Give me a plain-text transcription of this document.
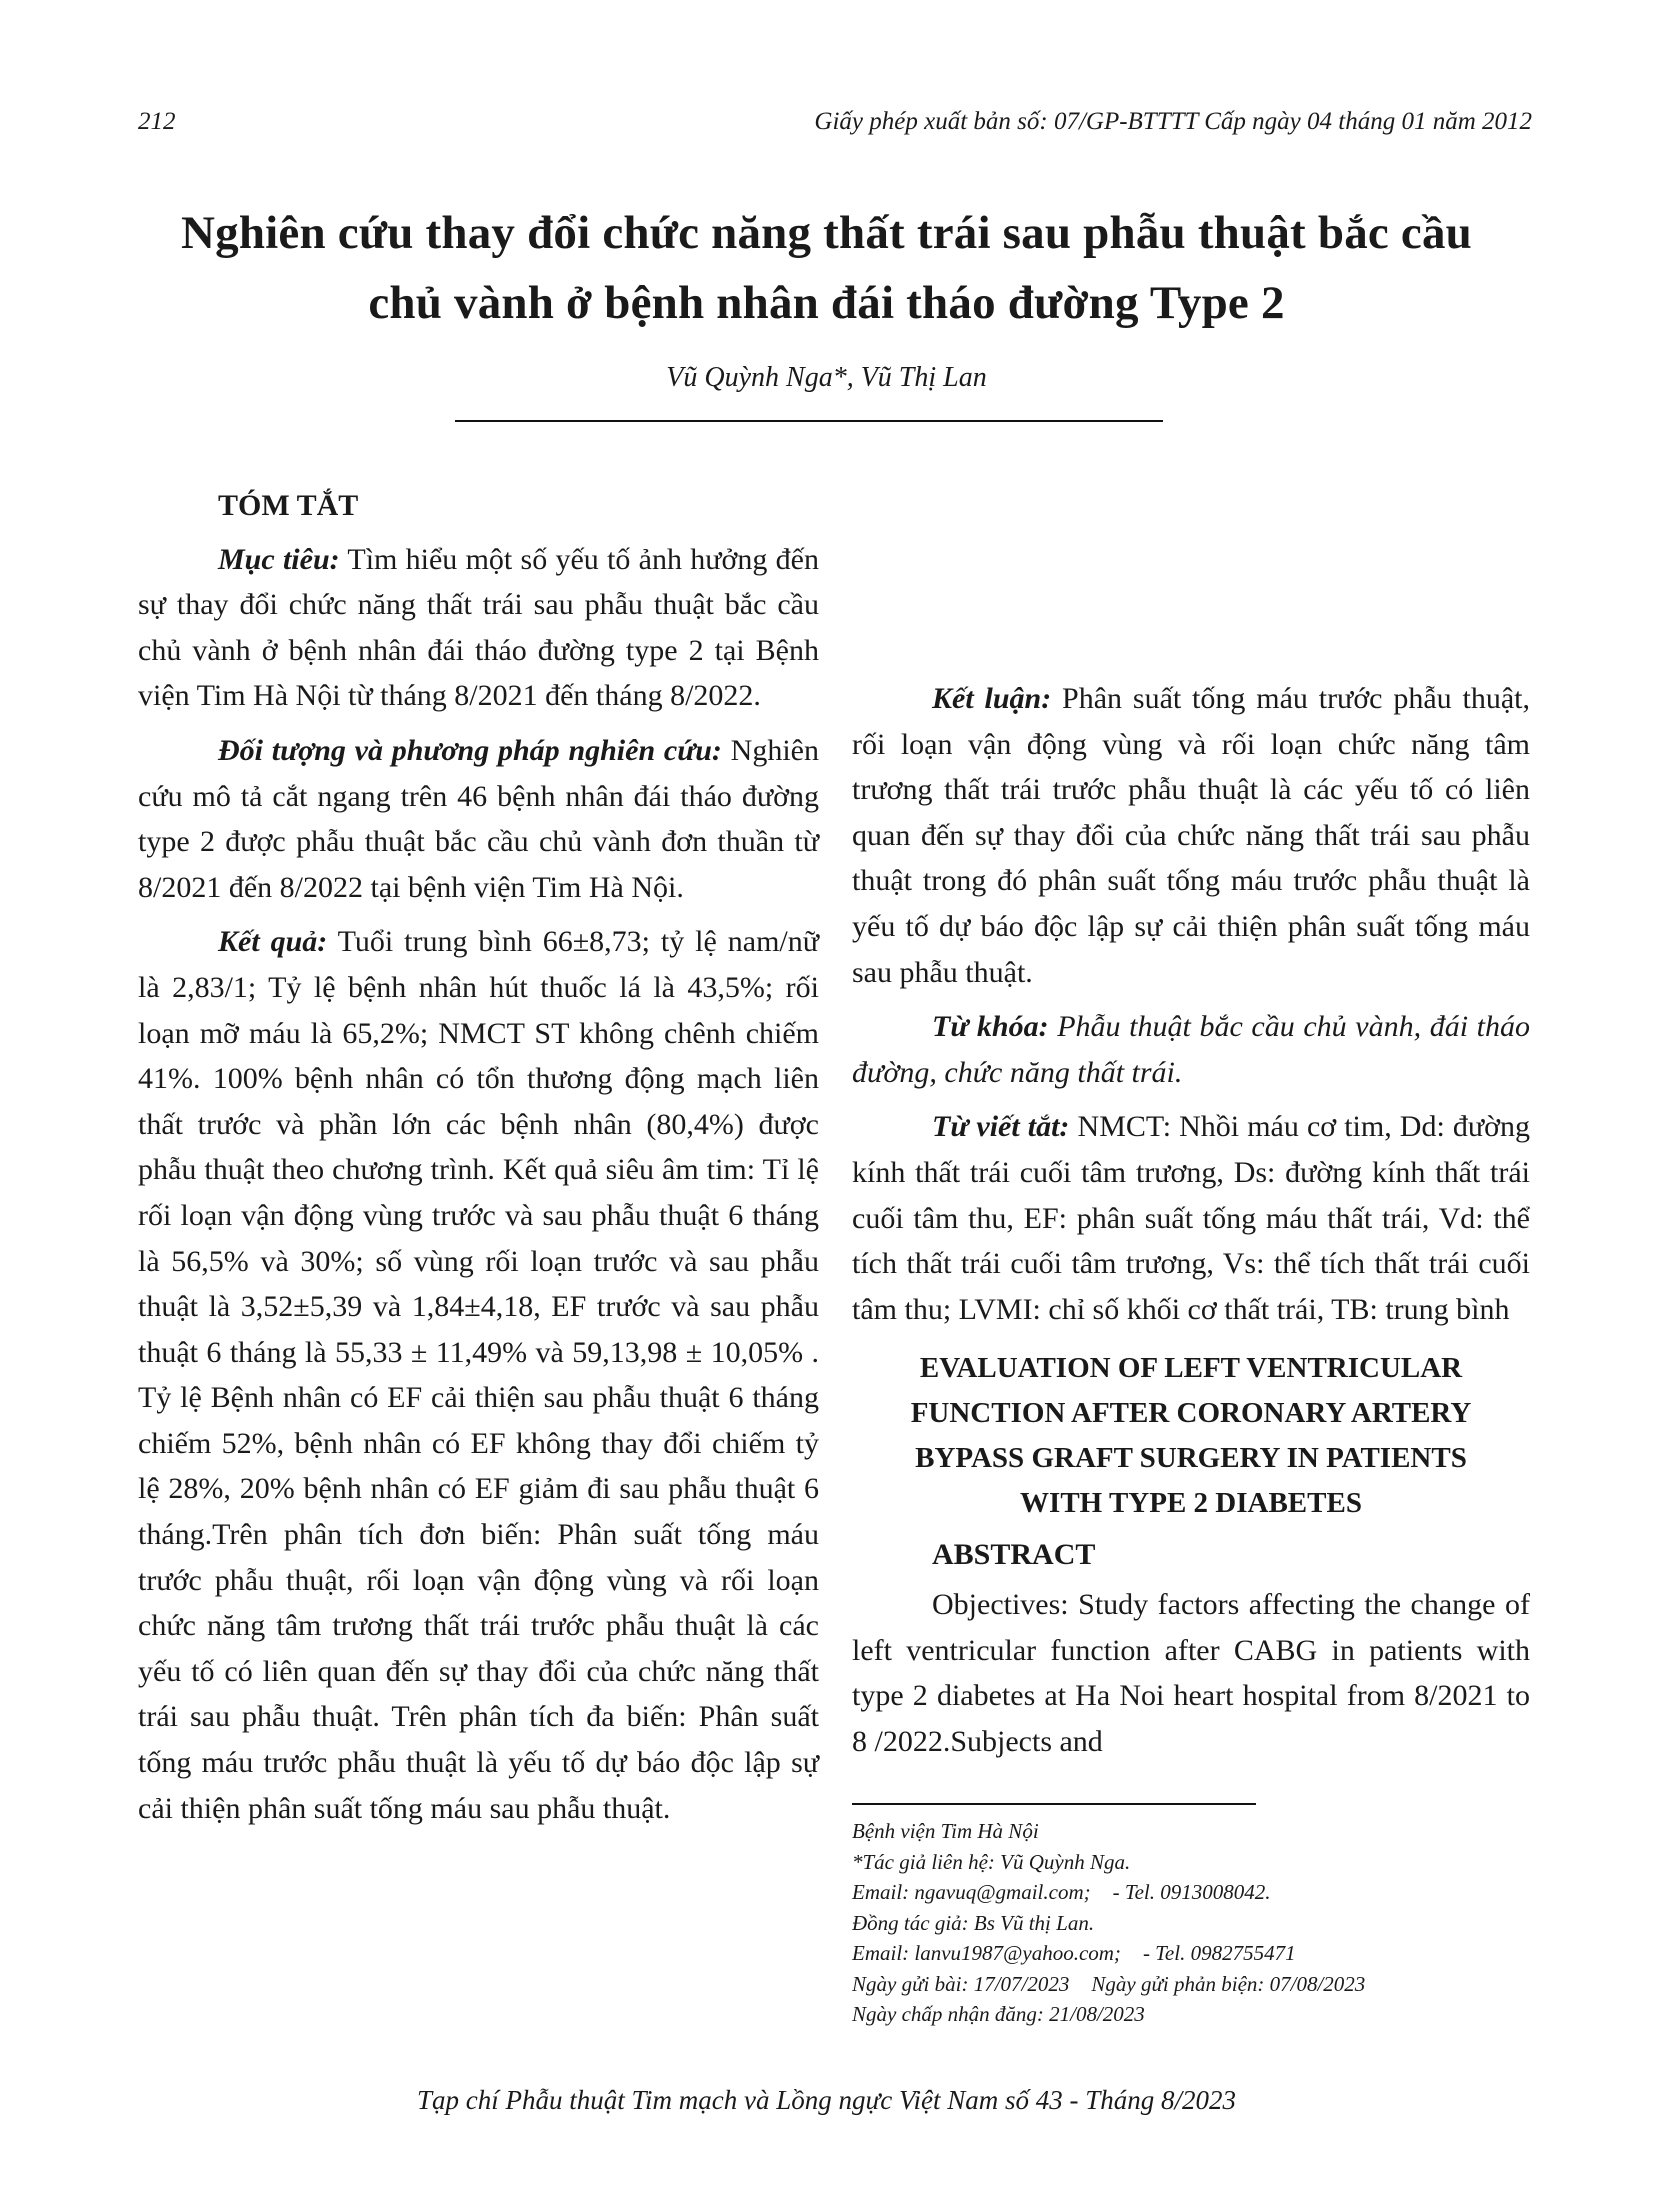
212	Giấy phép xuất bản số: 07/GP-BTTTT Cấp ngày 04 tháng 01 năm 2012
Nghiên cứu thay đổi chức năng thất trái sau phẫu thuật bắc cầu
chủ vành ở bệnh nhân đái tháo đường Type 2
Vũ Quỳnh Nga*, Vũ Thị Lan

TÓM TẮT

Mục tiêu: Tìm hiểu một số yếu tố ảnh hưởng đến sự thay đổi chức năng thất trái sau phẫu thuật bắc cầu chủ vành ở bệnh nhân đái tháo đường type 2 tại Bệnh viện Tim Hà Nội từ tháng 8/2021 đến tháng 8/2022.

Đối tượng và phương pháp nghiên cứu: Nghiên cứu mô tả cắt ngang trên 46 bệnh nhân đái tháo đường type 2 được phẫu thuật bắc cầu chủ vành đơn thuần từ 8/2021 đến 8/2022 tại bệnh viện Tim Hà Nội.

Kết quả: Tuổi trung bình 66±8,73; tỷ lệ nam/nữ là 2,83/1; Tỷ lệ bệnh nhân hút thuốc lá là 43,5%; rối loạn mỡ máu là 65,2%; NMCT ST không chênh chiếm 41%. 100% bệnh nhân có tổn thương động mạch liên thất trước và phần lớn các bệnh nhân (80,4%) được phẫu thuật theo chương trình. Kết quả siêu âm tim: Tỉ lệ rối loạn vận động vùng trước và sau phẫu thuật 6 tháng là 56,5% và 30%; số vùng rối loạn trước và sau phẫu thuật là 3,52±5,39 và 1,84±4,18, EF trước và sau phẫu thuật 6 tháng là 55,33 ± 11,49% và 59,13,98 ± 10,05% . Tỷ lệ Bệnh nhân có EF cải thiện sau phẫu thuật 6 tháng chiếm 52%, bệnh nhân có EF không thay đổi chiếm tỷ lệ 28%, 20% bệnh nhân có EF giảm đi sau phẫu thuật 6 tháng.Trên phân tích đơn biến: Phân suất tống máu trước phẫu thuật, rối loạn vận động vùng và rối loạn chức năng tâm trương thất trái trước phẫu thuật là các yếu tố có liên quan đến sự thay đổi của chức năng thất trái sau phẫu thuật. Trên phân tích đa biến: Phân suất tống máu trước phẫu thuật là yếu tố dự báo độc lập sự cải thiện phân suất tống máu sau phẫu thuật.

Kết luận: Phân suất tống máu trước phẫu thuật, rối loạn vận động vùng và rối loạn chức năng tâm trương thất trái trước phẫu thuật là các yếu tố có liên quan đến sự thay đổi của chức năng thất trái sau phẫu thuật trong đó phân suất tống máu trước phẫu thuật là yếu tố dự báo độc lập sự cải thiện phân suất tống máu sau phẫu thuật.

Từ khóa: Phẫu thuật bắc cầu chủ vành, đái tháo đường, chức năng thất trái.

Từ viết tắt: NMCT: Nhồi máu cơ tim, Dd: đường kính thất trái cuối tâm trương, Ds: đường kính thất trái cuối tâm thu, EF: phân suất tống máu thất trái, Vd: thể tích thất trái cuối tâm trương, Vs: thể tích thất trái cuối tâm thu; LVMI: chỉ số khối cơ thất trái, TB: trung bình

EVALUATION OF LEFT VENTRICULAR
FUNCTION AFTER CORONARY ARTERY
BYPASS GRAFT SURGERY IN PATIENTS
WITH TYPE 2 DIABETES

ABSTRACT

Objectives: Study factors affecting the change of left ventricular function after CABG in patients with type 2 diabetes at Ha Noi heart hospital from 8/2021 to 8 /2022.Subjects and

Bệnh viện Tim Hà Nội
*Tác giả liên hệ: Vũ Quỳnh Nga.
Email: ngavuq@gmail.com; - Tel. 0913008042.
Đồng tác giả: Bs Vũ thị Lan.
Email: lanvu1987@yahoo.com; - Tel. 0982755471
Ngày gửi bài: 17/07/2023 Ngày gửi phản biện: 07/08/2023
Ngày chấp nhận đăng: 21/08/2023
Tạp chí Phẫu thuật Tim mạch và Lồng ngực Việt Nam số 43 - Tháng 8/2023
